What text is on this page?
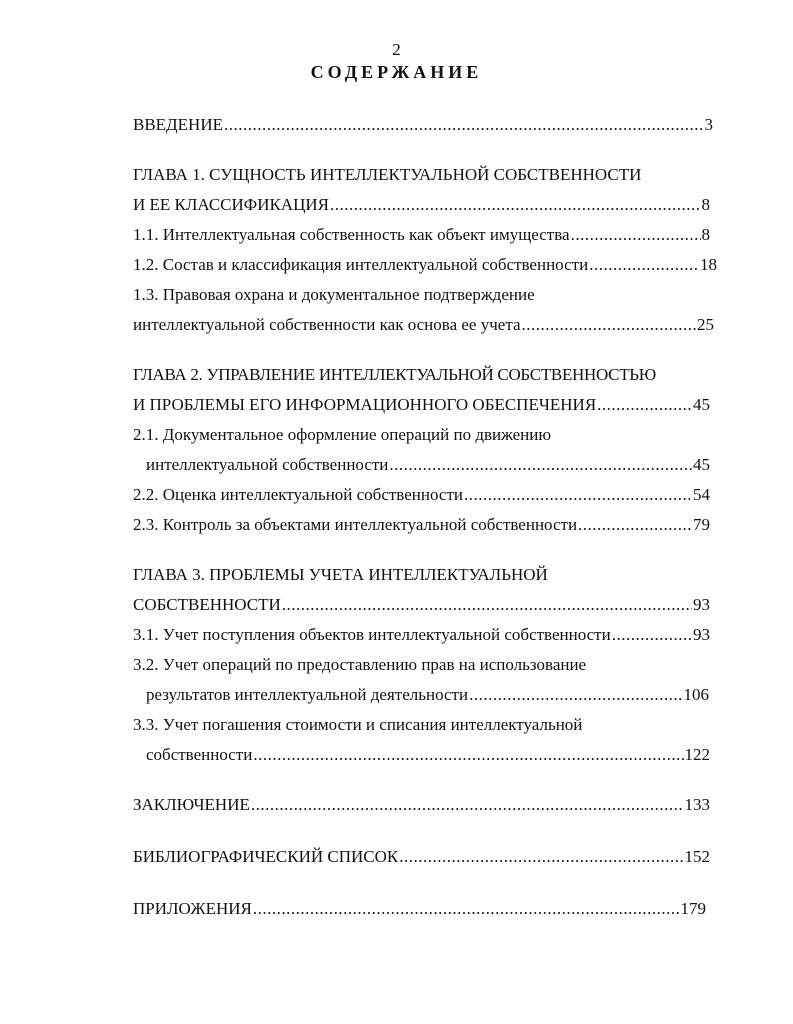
2
СОДЕРЖАНИЕ
ВВЕДЕНИЕ .....	3
ГЛАВА 1. СУЩНОСТЬ ИНТЕЛЛЕКТУАЛЬНОЙ СОБСТВЕННОСТИ
И ЕЕ КЛАССИФИКАЦИЯ .....	8
1.1. Интеллектуальная собственность как объект имущества .....	8
1.2. Состав и классификация интеллектуальной собственности .....	18
1.3. Правовая охрана и документальное подтверждение
интеллектуальной собственности как основа ее учета .....	25
ГЛАВА 2. УПРАВЛЕНИЕ ИНТЕЛЛЕКТУАЛЬНОЙ СОБСТВЕННОСТЬЮ
И ПРОБЛЕМЫ ЕГО ИНФОРМАЦИОННОГО ОБЕСПЕЧЕНИЯ .....	45
2.1. Документальное оформление операций по движению
интеллектуальной собственности .....	45
2.2. Оценка интеллектуальной собственности .....	54
2.3. Контроль за объектами интеллектуальной собственности .....	79
ГЛАВА 3. ПРОБЛЕМЫ УЧЕТА ИНТЕЛЛЕКТУАЛЬНОЙ
СОБСТВЕННОСТИ .....	93
3.1. Учет поступления объектов интеллектуальной собственности .....	93
3.2. Учет операций по предоставлению прав на использование
результатов интеллектуальной деятельности .....	106
3.3. Учет погашения стоимости и списания интеллектуальной
собственности .....	122
ЗАКЛЮЧЕНИЕ .....	133
БИБЛИОГРАФИЧЕСКИЙ СПИСОК .....	152
ПРИЛОЖЕНИЯ .....	179
